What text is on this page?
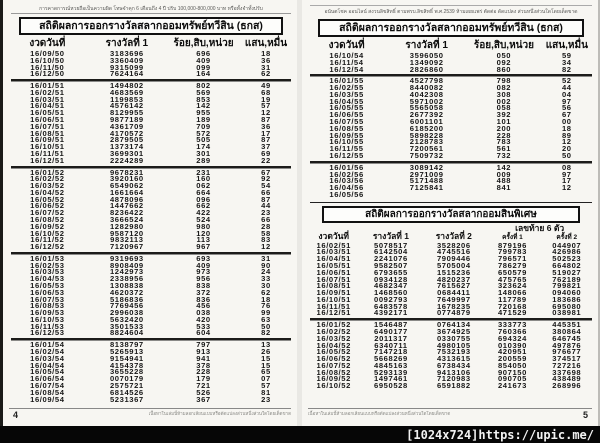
การคาดการณ์หวยถือเป็นความผิด โทษจำคุก 6 เดือนถึง 4 ปี ปรับ 100,000-800,000 บาท หรือทั้งจำทั้งปรับ
สถิติผลการออกรางวัลสลากออมทรัพย์ทวีสิน (ธกส)
งวดวันที่	รางวัลที่ 1	ร้อย,สิบ,หน่วย	แสน,หมื่น
16/09/50	3183696	696	18
16/10/50	3360409	409	36
16/11/50	9315099	099	31
16/12/50	7624164	164	62
16/01/51	1494802	802	49
16/02/51	4683569	569	68
16/03/51	1199853	853	19
16/04/51	4576142	142	57
16/05/51	8129955	955	12
16/06/51	9877189	189	87
16/07/51	4361709	709	36
16/08/51	4170572	572	17
16/09/51	2879505	505	87
16/10/51	1373174	174	37
16/11/51	3699301	301	69
16/12/51	2224289	289	22
16/01/52	9678231	231	67
16/02/52	3920160	160	92
16/03/52	6549062	062	54
16/04/52	1661664	664	66
16/05/52	4878096	096	87
16/06/52	1447662	662	44
16/07/52	8236422	422	23
16/08/52	3666524	524	66
16/09/52	1282980	980	28
16/10/52	9587120	120	58
16/11/52	9832113	113	83
16/12/52	7120967	967	12
16/01/53	9319693	693	31
16/02/53	8908409	409	90
16/03/53	1242973	973	24
16/04/53	2338956	956	33
16/05/53	1308838	838	30
16/06/53	4620372	372	62
16/07/53	5186836	836	18
16/08/53	7769456	456	76
16/09/53	2996038	038	99
16/10/53	5632420	420	63
16/11/53	3501533	533	50
16/12/53	8824604	604	82
16/01/54	8138797	797	13
16/02/54	5265913	913	26
16/03/54	9154941	941	15
16/04/54	4154378	378	15
16/05/54	3655228	228	65
16/06/54	0070179	179	07
16/07/54	2575721	721	57
16/08/54	6814526	526	81
16/09/54	5231367	367	23
4	เนื้อหาในเล่มนี้ห้ามลอกเลียนแบบหรือดัดแปลงส่วนหนึ่งส่วนใดโดยเด็ดขาด
อนันตโชค ออนไลน์ สงวนลิขสิทธิ์ ตามพรบ.ลิขสิทธิ์ พ.ศ.2539 ห้ามเผยแพร่ ตัดต่อ ดัดแปลง ส่วนหนึ่งส่วนใดโดยเด็ดขาด
สถิติผลการออกรางวัลสลากออมทรัพย์ทวีสิน (ธกส)
งวดวันที่	รางวัลที่ 1	ร้อย,สิบ,หน่วย	แสน,หมื่น
16/10/54	3596050	050	59
16/11/54	1349092	092	34
16/12/54	2826860	860	82
16/01/55	4527798	798	52
16/02/55	8440082	082	44
16/03/55	4042308	308	04
16/04/55	5971002	002	97
16/05/55	5565058	058	56
16/06/55	2677392	392	67
16/07/55	6001101	101	00
16/08/55	6185200	200	18
16/09/55	5898228	228	89
16/10/55	2128783	783	12
16/11/55	7200561	561	20
16/12/55	7509732	732	50
16/01/56	3089142	142	08
16/02/56	2971009	009	97
16/03/56	5171488	488	17
16/04/56	7125841	841	12
16/05/56
สถิติผลการออกรางวัลสลากออมสินพิเศษ
งวดวันที่	รางวัลที่ 1	รางวัลที่ 2
เลขท้าย 6 ตัว
ครั้งที่ 1	ครั้งที่ 2
16/02/51	5078517	3528206	879196	044907
16/03/51	6142504	4745516	799783	426986
16/04/51	2241076	7909446	796571	502523
16/05/51	9582507	5705004	786279	664802
16/06/51	6793655	1515236	650579	519027
16/07/51	0934128	4820237	475765	762189
16/08/51	4682347	7615627	323624	799821
16/09/51	1468560	0684411	148066	094060
16/10/51	0092793	7649997	117789	183686
16/11/51	6483578	1678235	720168	695080
16/12/51	4392171	0774879	471529	038981
16/01/52	1546487	0764134	333773	445351
16/02/52	6490177	3674925	760366	380864
16/03/52	2011317	0330755	694324	646745
16/04/52	6340711	4980105	010390	497876
16/05/52	7147218	7532193	420951	976677
16/06/52	5668269	4313615	200559	374517
16/07/52	4845163	6738434	854050	727216
16/08/52	5293139	9413106	907150	337698
16/09/52	1497461	7120983	090705	438489
16/10/52	6950528	6591882	241673	268996
เนื้อหาในเล่มนี้ห้ามลอกเลียนแบบหรือดัดแปลงส่วนหนึ่งส่วนใดโดยเด็ดขาด	5
[1024x724]https://upic.me/
